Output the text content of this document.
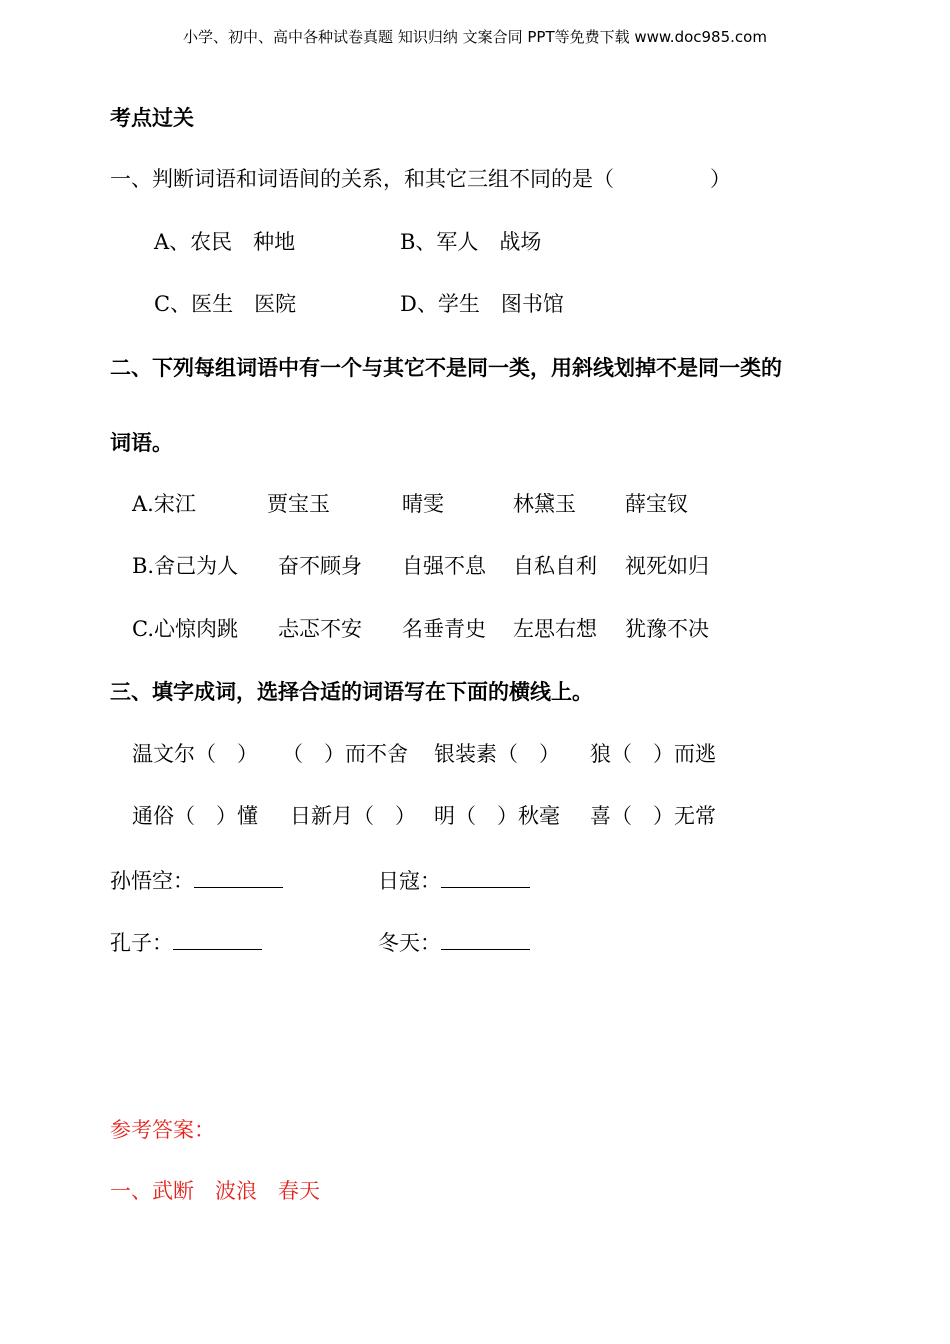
小学、初中、高中各种试卷真题 知识归纳 文案合同 PPT等免费下载 www.doc985.com
考点过关
一、判断词语和词语间的关系，和其它三组不同的是（	）
A、农民　种地	B、军人　战场
C、医生　医院	D、学生　图书馆
二、下列每组词语中有一个与其它不是同一类，用斜线划掉不是同一类的
词语。
A.宋江	贾宝玉	晴雯	林黛玉 薛宝钗
B.舍己为人 奋不顾身 自强不息 自私自利 视死如归
C.心惊肉跳 忐忑不安 名垂青史 左思右想 犹豫不决
三、填字成词，选择合适的词语写在下面的横线上。
温文尔（　） （　）而不舍 银装素（　） 狼（　）而逃
通俗（　）懂 日新月（　） 明（　）秋毫 喜（　）无常
孙悟空：	日寇：
孔子：	冬天：
参考答案：
一、武断　波浪　春天
